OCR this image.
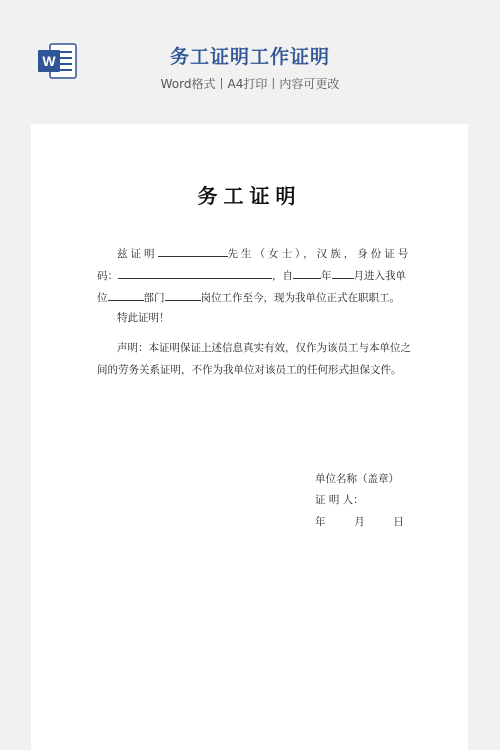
W	务工证明工作证明
Word格式丨A4打印丨内容可更改
务工证明
兹证明	先生（女士），汉族，身份证号
码：	，自	年 月进入我单
位	部门	岗位工作至今，现为我单位正式在职职工。
特此证明！
声明：本证明保证上述信息真实有效，仅作为该员工与本单位之
间的劳务关系证明，不作为我单位对该员工的任何形式担保文件。
单位名称（盖章）
证 明 人：
年	月	日
